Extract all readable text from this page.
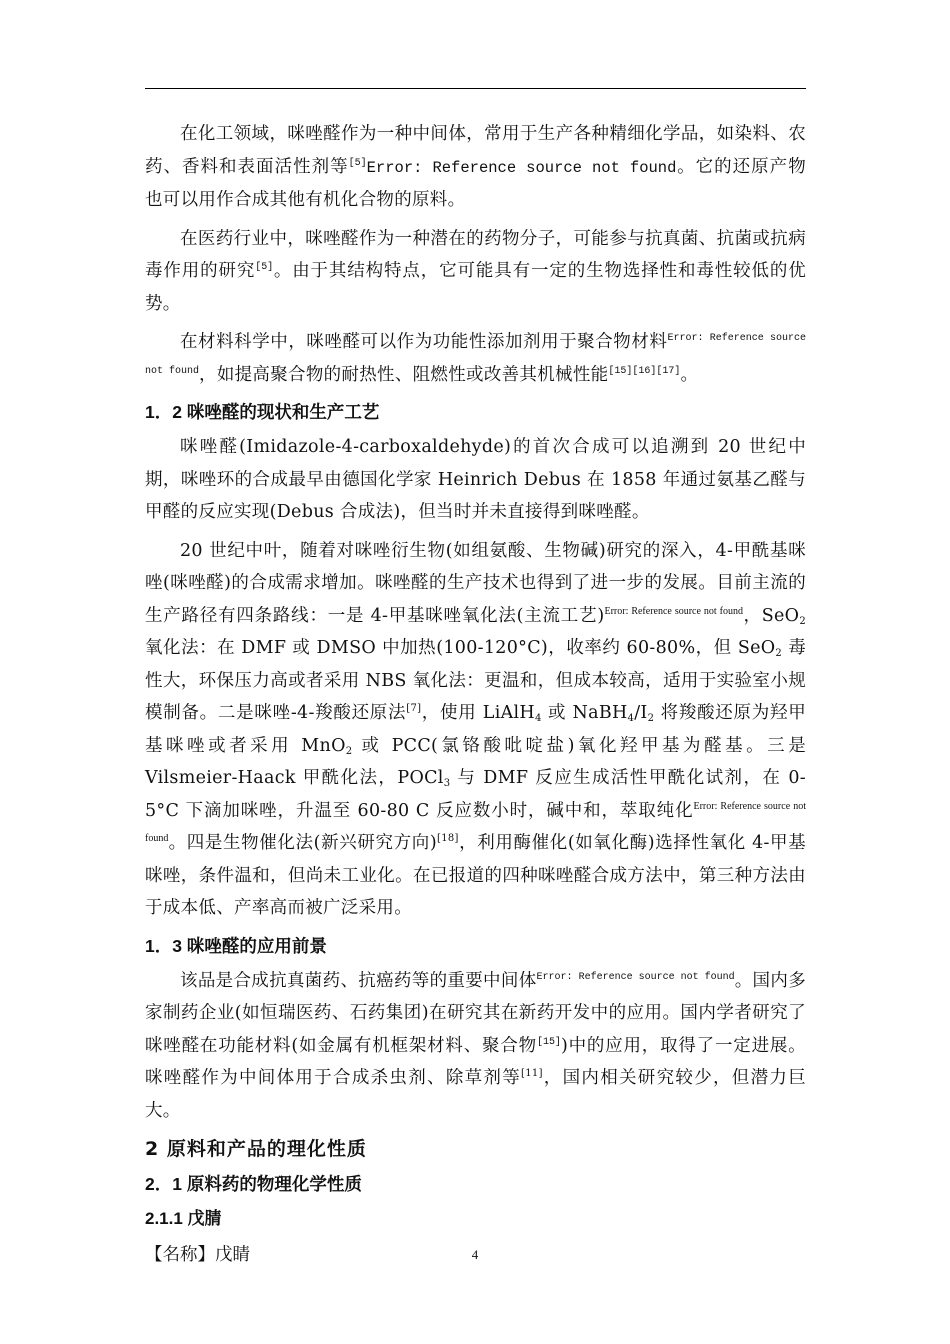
在化工领域，咪唑醛作为一种中间体，常用于生产各种精细化学品，如染料、农药、香料和表面活性剂等[5]Error: Reference source not found。它的还原产物也可以用作合成其他有机化合物的原料。

在医药行业中，咪唑醛作为一种潜在的药物分子，可能参与抗真菌、抗菌或抗病毒作用的研究[5]。由于其结构特点，它可能具有一定的生物选择性和毒性较低的优势。

在材料科学中，咪唑醛可以作为功能性添加剂用于聚合物材料$^{Error: Reference source not found}$，如提高聚合物的耐热性、阻燃性或改善其机械性能[15][16][17]。

1．2 咪唑醛的现状和生产工艺

咪唑醛(Imidazole-4-carboxaldehyde)的首次合成可以追溯到 20 世纪中期，咪唑环的合成最早由德国化学家 Heinrich Debus 在 1858 年通过氨基乙醛与甲醛的反应实现(Debus 合成法)，但当时并未直接得到咪唑醛。

20 世纪中叶，随着对咪唑衍生物(如组氨酸、生物碱)研究的深入，4-甲酰基咪唑(咪唑醛)的合成需求增加。咪唑醛的生产技术也得到了进一步的发展。目前主流的生产路径有四条路线：一是 4-甲基咪唑氧化法(主流工艺)$^{Error: Reference source not found}$，SeO$_2$ 氧化法：在 DMF 或 DMSO 中加热(100-120°C)，收率约 60-80%，但 SeO$_2$ 毒性大，环保压力高或者采用 NBS 氧化法：更温和，但成本较高，适用于实验室小规模制备。二是咪唑-4-羧酸还原法[7]，使用 LiAlH$_4$ 或 $NaBH_4/I_2$ 将羧酸还原为羟甲基咪唑或者采用 MnO$_2$ 或 PCC(氯铬酸吡啶盐)氧化羟甲基为醛基。三是 Vilsmeier-Haack 甲酰化法，POCl$_3$ 与 DMF 反应生成活性甲酰化试剂，在 0-5°C 下滴加咪唑，升温至 60-80 C 反应数小时，碱中和，萃取纯化$^{Error: Reference source not found}$。四是生物催化法(新兴研究方向)[18]，利用酶催化(如氧化酶)选择性氧化 4-甲基咪唑，条件温和，但尚未工业化。在已报道的四种咪唑醛合成方法中，第三种方法由于成本低、产率高而被广泛采用。

1．3 咪唑醛的应用前景

该品是合成抗真菌药、抗癌药等的重要中间体$^{Error: Reference source not found}$。国内多家制药企业(如恒瑞医药、石药集团)在研究其在新药开发中的应用。国内学者研究了咪唑醛在功能材料(如金属有机框架材料、聚合物[15])中的应用，取得了一定进展。咪唑醛作为中间体用于合成杀虫剂、除草剂等[11]，国内相关研究较少，但潜力巨大。

2 原料和产品的理化性质
2．1 原料药的物理化学性质
2.1.1 戊腈

【名称】戊睛	4
